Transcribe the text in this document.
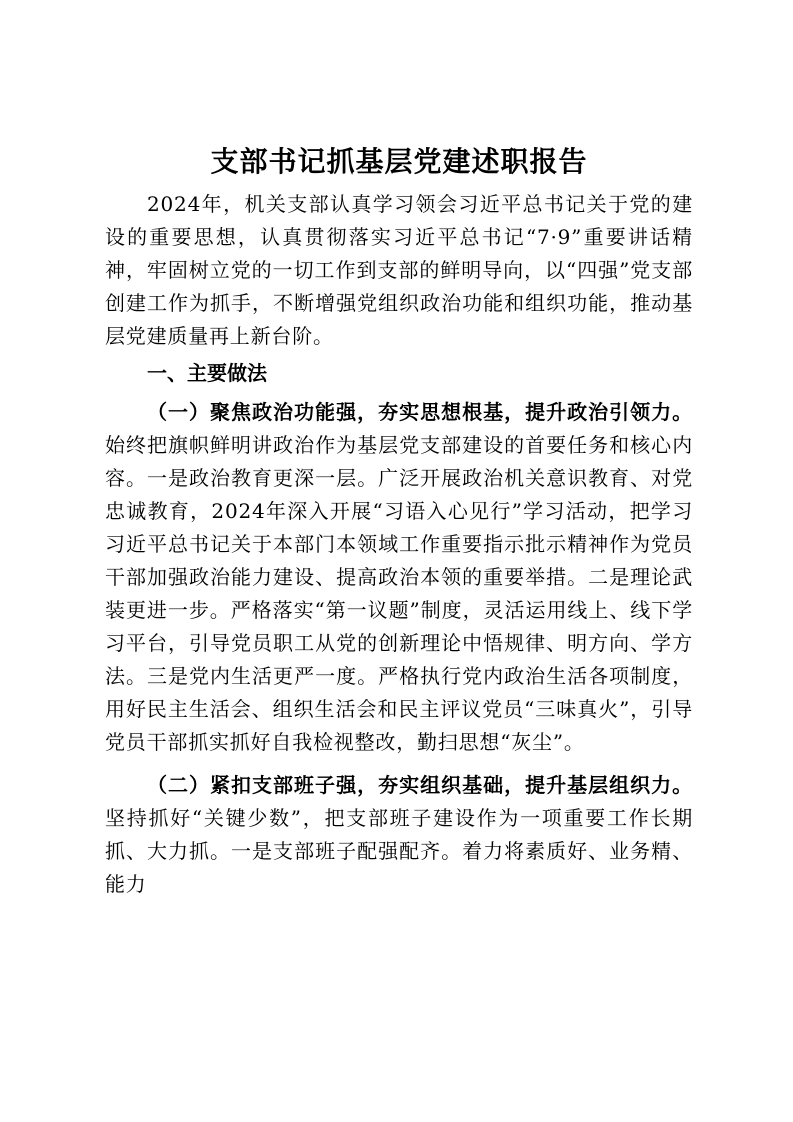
支部书记抓基层党建述职报告

2024年，机关支部认真学习领会习近平总书记关于党的建设的重要思想，认真贯彻落实习近平总书记“7·9”重要讲话精神，牢固树立党的一切工作到支部的鲜明导向，以“四强”党支部创建工作为抓手，不断增强党组织政治功能和组织功能，推动基层党建质量再上新台阶。

一、主要做法

（一）聚焦政治功能强，夯实思想根基，提升政治引领力。始终把旗帜鲜明讲政治作为基层党支部建设的首要任务和核心内容。一是政治教育更深一层。广泛开展政治机关意识教育、对党忠诚教育，2024年深入开展“习语入心见行”学习活动，把学习习近平总书记关于本部门本领域工作重要指示批示精神作为党员干部加强政治能力建设、提高政治本领的重要举措。二是理论武装更进一步。严格落实“第一议题”制度，灵活运用线上、线下学习平台，引导党员职工从党的创新理论中悟规律、明方向、学方法。三是党内生活更严一度。严格执行党内政治生活各项制度，用好民主生活会、组织生活会和民主评议党员“三味真火”，引导党员干部抓实抓好自我检视整改，勤扫思想“灰尘”。

（二）紧扣支部班子强，夯实组织基础，提升基层组织力。坚持抓好“关键少数”，把支部班子建设作为一项重要工作长期抓、大力抓。一是支部班子配强配齐。着力将素质好、业务精、能力
